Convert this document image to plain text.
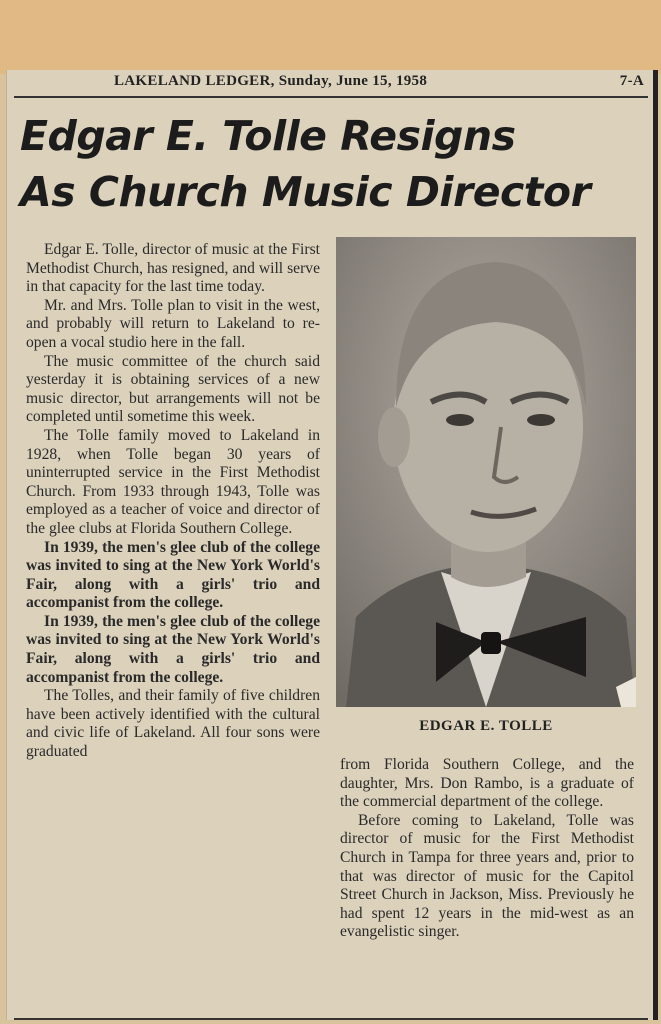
LAKELAND LEDGER, Sunday, June 15, 1958	7-A
Edgar E. Tolle Resigns
As Church Music Director

Edgar E. Tolle, director of music at the First Methodist Church, has resigned, and will serve in that capacity for the last time today.

Mr. and Mrs. Tolle plan to visit in the west, and probably will return to Lakeland to re-open a vocal studio here in the fall.

The music committee of the church said yesterday it is obtaining services of a new music director, but arrangements will not be completed until sometime this week.

The Tolle family moved to Lakeland in 1928, when Tolle began 30 years of uninterrupted service in the First Methodist Church. From 1933 through 1943, Tolle was employed as a teacher of voice and director of the glee clubs at Florida Southern College.

In 1939, the men's glee club of the college was invited to sing at the New York World's Fair, along with a girls' trio and accompanist from the college.

In 1939, the men's glee club of the college was invited to sing at the New York World's Fair, along with a girls' trio and accompanist from the college.

The Tolles, and their family of five children have been actively identified with the cultural and civic life of Lakeland. All four sons were graduated

EDGAR E. TOLLE

from Florida Southern College, and the daughter, Mrs. Don Rambo, is a graduate of the commercial department of the college.

Before coming to Lakeland, Tolle was director of music for the First Methodist Church in Tampa for three years and, prior to that was director of music for the Capitol Street Church in Jackson, Miss. Previously he had spent 12 years in the mid-west as an evangelistic singer.
